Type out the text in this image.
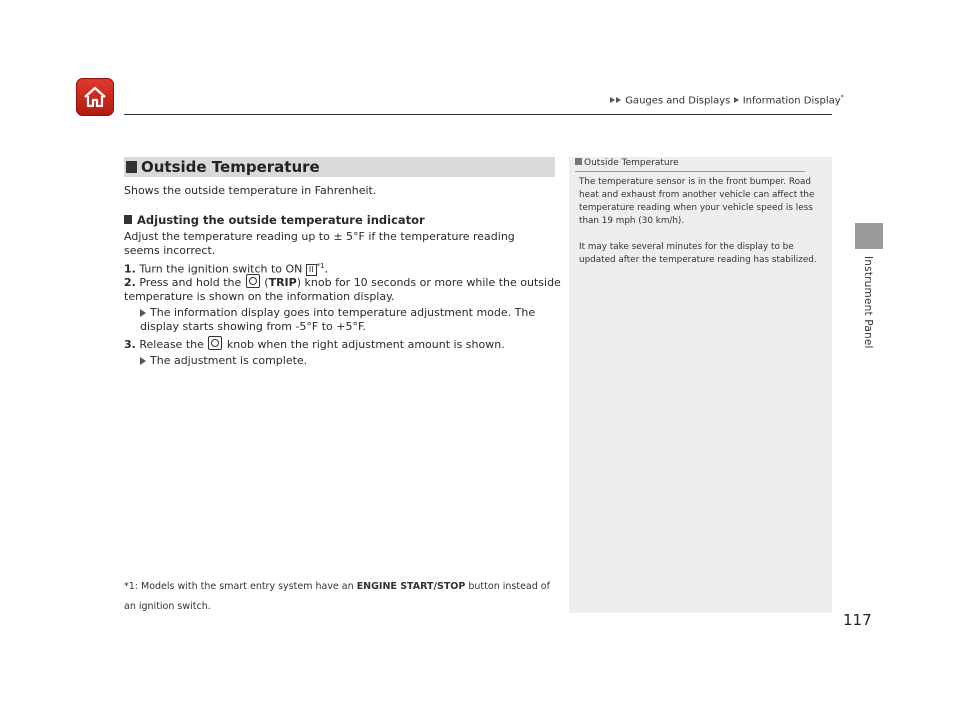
Gauges and Displays Information Display*
Instrument Panel
Outside Temperature
Shows the outside temperature in Fahrenheit.
Adjusting the outside temperature indicator
Adjust the temperature reading up to ± 5°F if the temperature reading seems incorrect.
1. Turn the ignition switch to ON II $^{*1}$.
2. Press and hold the  (TRIP) knob for 10 seconds or more while the outside temperature is shown on the information display.
The information display goes into temperature adjustment mode. The display starts showing from -5°F to +5°F.
3. Release the knob when the right adjustment amount is shown.
The adjustment is complete.
*1: Models with the smart entry system have an ENGINE START/STOP button instead of an ignition switch.
Outside Temperature
The temperature sensor is in the front bumper. Road heat and exhaust from another vehicle can affect the temperature reading when your vehicle speed is less than 19 mph (30 km/h).
It may take several minutes for the display to be updated after the temperature reading has stabilized.
117
